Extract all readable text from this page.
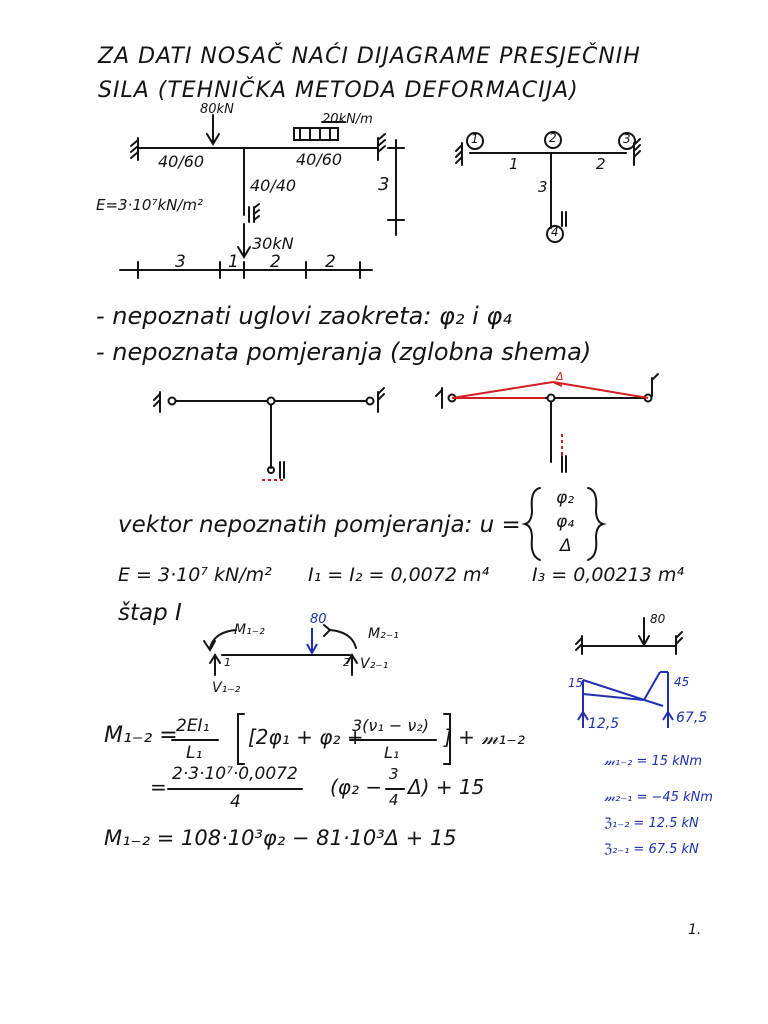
ZA DATI NOSAČ NAĆI DIJAGRAME PRESJEČNIH
SILA (TEHNIČKA METODA DEFORMACIJA)
80kN
20kN/m
40/60	40/60
40/40
E=3·10⁷kN/m²
30kN
3
3 1 2	2
1	2	3
4
1	2
3
- nepoznati uglovi zaokreta: φ₂ i φ₄
- nepoznata pomjeranja (zglobna shema)
Δ
vektor nepoznatih pomjeranja: u =
φ₂
φ₄
Δ
E = 3·10⁷ kN/m² I₁ = I₂ = 0,0072 m⁴ I₃ = 0,00213 m⁴
štap I	80
M₁₋₂	M₂₋₁
V₁₋₂
V₂₋₁
1	2
M₁₋₂ =
2EI₁
L₁
[2φ₁ + φ₂ +
3(ν₁ − ν₂)
L₁
] + 𝓂₁₋₂
=
2·3·10⁷·0,0072
4
(φ₂ −
3
4
Δ) + 15
M₁₋₂ = 108·10³φ₂ − 81·10³Δ + 15
80
15	45
12,5	67,5
𝓂₁₋₂ = 15 kNm
𝓂₂₋₁ = −45 kNm
ℨ₁₋₂ = 12.5 kN
ℨ₂₋₁ = 67.5 kN
1.
